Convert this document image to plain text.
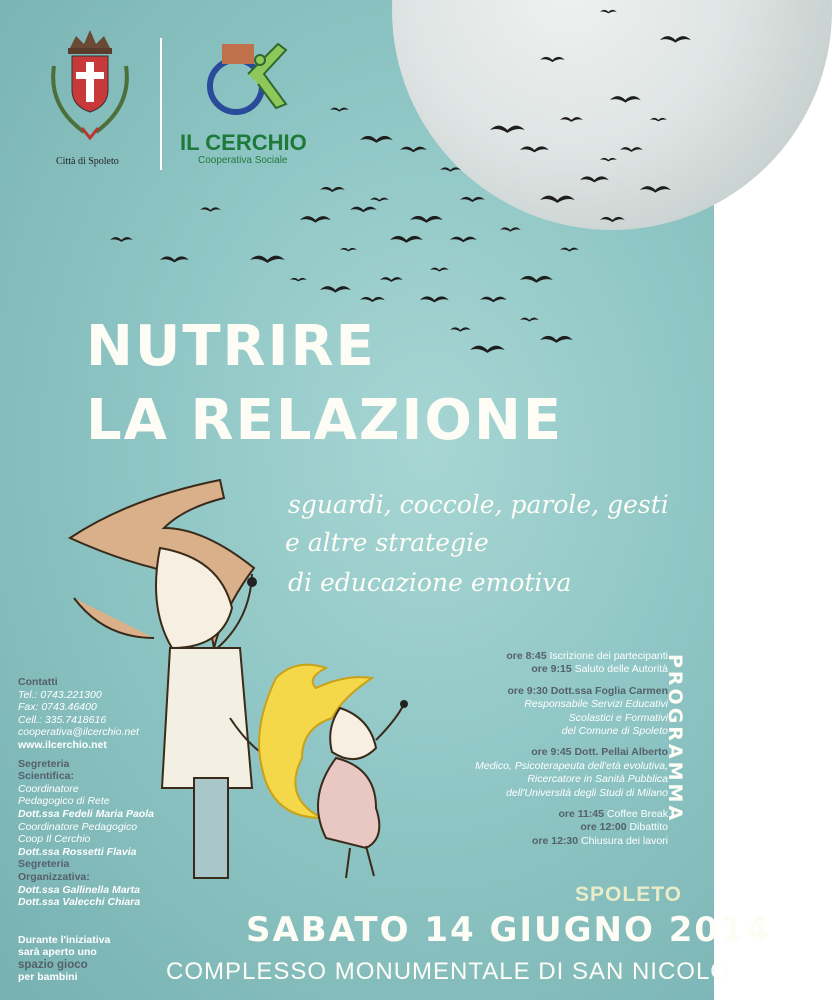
Città di Spoleto
IL CERCHIO
Cooperativa Sociale
NUTRIRE
LA RELAZIONE
sguardi, coccole, parole, gesti
e altre strategie
di educazione emotiva
Contatti
Tel.: 0743.221300
Fax: 0743.46400
Cell.: 335.7418616
cooperativa@ilcerchio.net
www.ilcerchio.net
Segreteria
Scientifica:
Coordinatore
Pedagogico di Rete
Dott.ssa Fedeli Maria Paola
Coordinatore Pedagogico
Coop Il Cerchio
Dott.ssa Rossetti Flavia
Segreteria
Organizzativa:
Dott.ssa Gallinella Marta
Dott.ssa Valecchi Chiara
Durante l'iniziativa
sarà aperto uno
spazio gioco
per bambini
ore 8:45 Iscrizione dei partecipanti
ore 9:15 Saluto delle Autorità
ore 9:30 Dott.ssa Foglia Carmen
Responsabile Servizi Educativi
Scolastici e Formativi
del Comune di Spoleto
ore 9:45 Dott. Pellai Alberto
Medico, Psicoterapeuta dell'età evolutiva,
Ricercatore in Sanità Pubblica
dell'Università degli Studi di Milano
ore 11:45 Coffee Break
ore 12:00 Dibattito
ore 12:30 Chiusura dei lavori
PROGRAMMA
SPOLETO
SABATO 14 GIUGNO 2014
COMPLESSO MONUMENTALE DI SAN NICOLÒ
